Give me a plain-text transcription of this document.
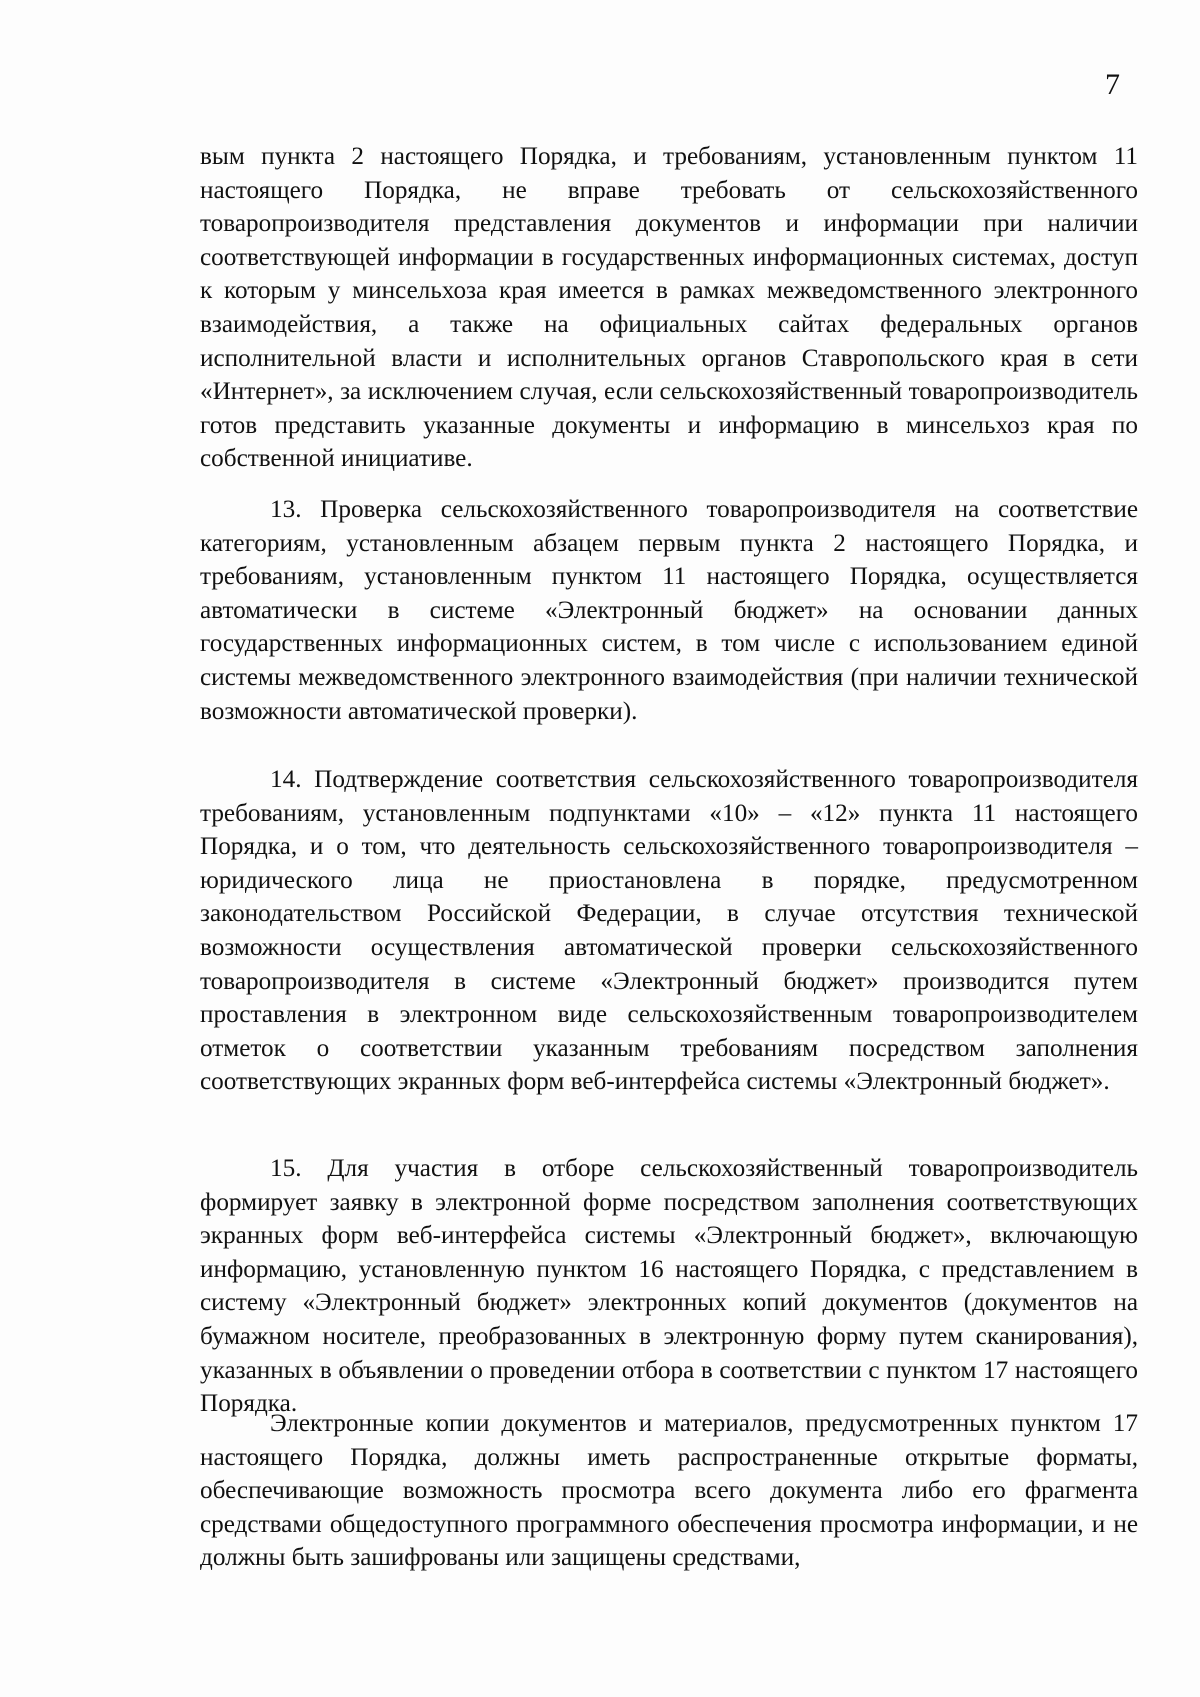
7

вым пункта 2 настоящего Порядка, и требованиям, установленным пунктом 11 настоящего Порядка, не вправе требовать от сельскохозяйственного товаропроизводителя представления документов и информации при наличии соответствующей информации в государственных информационных системах, доступ к которым у минсельхоза края имеется в рамках межведомственного электронного взаимодействия, а также на официальных сайтах федеральных органов исполнительной власти и исполнительных органов Ставропольского края в сети «Интернет», за исключением случая, если сельскохозяйственный товаропроизводитель готов представить указанные документы и информацию в минсельхоз края по собственной инициативе.

13. Проверка сельскохозяйственного товаропроизводителя на соответствие категориям, установленным абзацем первым пункта 2 настоящего Порядка, и требованиям, установленным пунктом 11 настоящего Порядка, осуществляется автоматически в системе «Электронный бюджет» на основании данных государственных информационных систем, в том числе с использованием единой системы межведомственного электронного взаимодействия (при наличии технической возможности автоматической проверки).

14. Подтверждение соответствия сельскохозяйственного товаропроизводителя требованиям, установленным подпунктами «10» – «12» пункта 11 настоящего Порядка, и о том, что деятельность сельскохозяйственного товаропроизводителя – юридического лица не приостановлена в порядке, предусмотренном законодательством Российской Федерации, в случае отсутствия технической возможности осуществления автоматической проверки сельскохозяйственного товаропроизводителя в системе «Электронный бюджет» производится путем проставления в электронном виде сельскохозяйственным товаропроизводителем отметок о соответствии указанным требованиям посредством заполнения соответствующих экранных форм веб-интерфейса системы «Электронный бюджет».

15. Для участия в отборе сельскохозяйственный товаропроизводитель формирует заявку в электронной форме посредством заполнения соответствующих экранных форм веб-интерфейса системы «Электронный бюджет», включающую информацию, установленную пунктом 16 настоящего Порядка, с представлением в систему «Электронный бюджет» электронных копий документов (документов на бумажном носителе, преобразованных в электронную форму путем сканирования), указанных в объявлении о проведении отбора в соответствии с пунктом 17 настоящего Порядка.

Электронные копии документов и материалов, предусмотренных пунктом 17 настоящего Порядка, должны иметь распространенные открытые форматы, обеспечивающие возможность просмотра всего документа либо его фрагмента средствами общедоступного программного обеспечения просмотра информации, и не должны быть зашифрованы или защищены средствами,
